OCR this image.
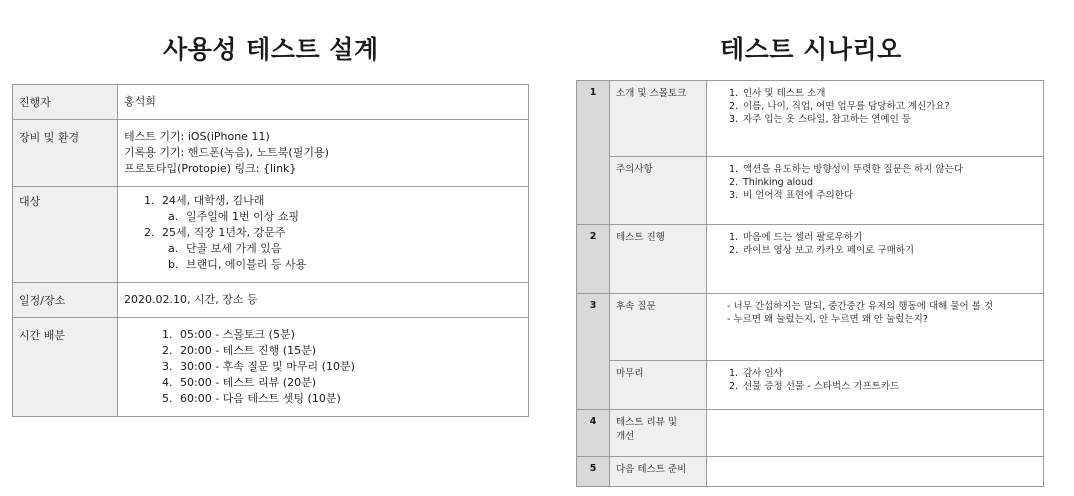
사용성 테스트 설계
진행자	홍석희
장비 및 환경	테스트 기기: iOS(iPhone 11)
기록용 기기: 핸드폰(녹음), 노트북(필기용)
프로토타입(Protopie) 링크: {link}

대상	1. 24세, 대학생, 김나래
a. 일주일에 1번 이상 쇼핑
2. 25세, 직장 1년차, 강문주
a. 단골 보세 가게 있음
b. 브랜디, 에이블리 등 사용

일정/장소	2020.02.10, 시간, 장소 등
시간 배분	1. 05:00 - 스몰토크 (5분)
2. 20:00 - 테스트 진행 (15분)
3. 30:00 - 후속 질문 및 마무리 (10분)
4. 50:00 - 테스트 리뷰 (20분)
5. 60:00 - 다음 테스트 셋팅 (10분)
테스트 시나리오
1	소개 및 스몰토크	1. 인사 및 테스트 소개
2. 이름, 나이, 직업, 어떤 업무를 담당하고 계신가요?
3. 자주 입는 옷 스타일, 참고하는 연예인 등

	주의사항	1. 액션을 유도하는 방향성이 뚜렷한 질문은 하지 않는다
2. Thinking aloud
3. 비 언어적 표현에 주의한다

2	테스트 진행	1. 마음에 드는 셀러 팔로우하기
2. 라이브 영상 보고 카카오 페이로 구매하기

3	후속 질문	- 너무 간섭하지는 말되, 중간중간 유저의 행동에 대해 물어 볼 것
- 누르면 왜 눌렀는지, 안 누르면 왜 안 눌렀는지?

	마무리	1. 감사 인사
2. 선물 증정 선물 - 스타벅스 기프트카드

4	테스트 리뷰 및
개선	

5	다음 테스트 준비	
